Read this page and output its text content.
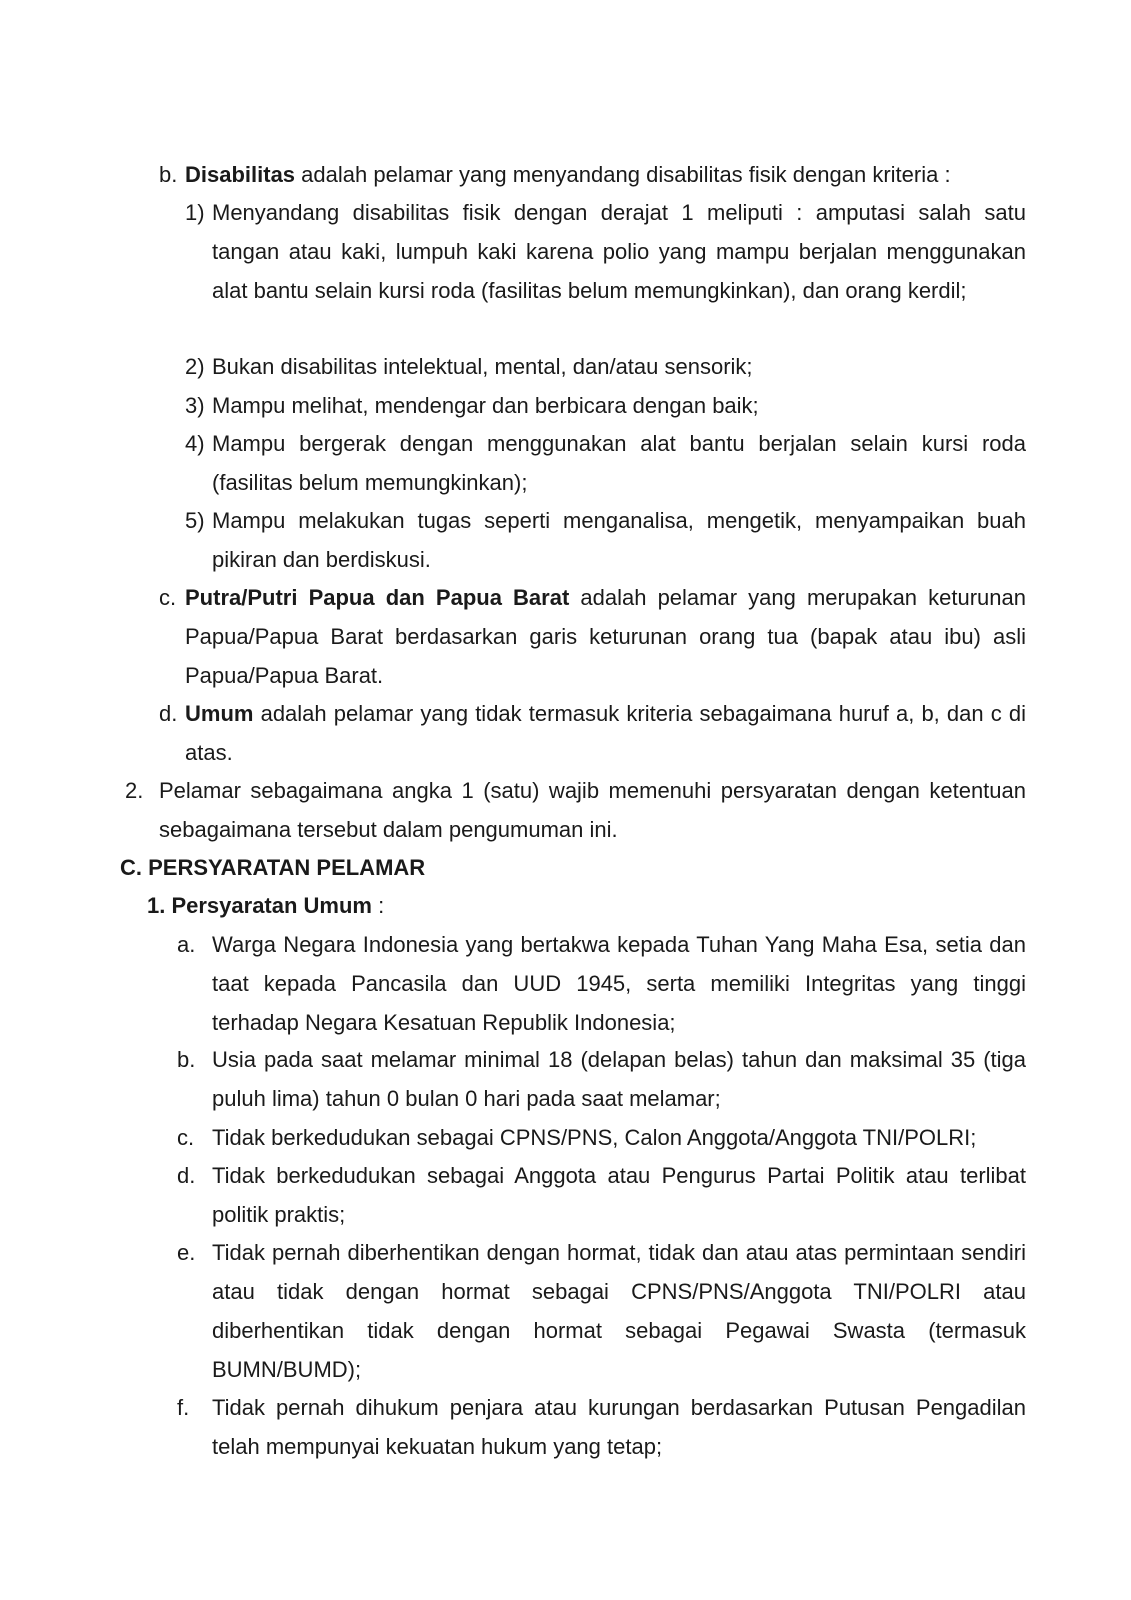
b. Disabilitas adalah pelamar yang menyandang disabilitas fisik dengan kriteria :
1) Menyandang disabilitas fisik dengan derajat 1 meliputi : amputasi salah satu tangan atau kaki, lumpuh kaki karena polio yang mampu berjalan menggunakan alat bantu selain kursi roda (fasilitas belum memungkinkan), dan orang kerdil;
2) Bukan disabilitas intelektual, mental, dan/atau sensorik;
3) Mampu melihat, mendengar dan berbicara dengan baik;
4) Mampu bergerak dengan menggunakan alat bantu berjalan selain kursi roda (fasilitas belum memungkinkan);
5) Mampu melakukan tugas seperti menganalisa, mengetik, menyampaikan buah pikiran dan berdiskusi.
c. Putra/Putri Papua dan Papua Barat adalah pelamar yang merupakan keturunan Papua/Papua Barat berdasarkan garis keturunan orang tua (bapak atau ibu) asli Papua/Papua Barat.
d. Umum adalah pelamar yang tidak termasuk kriteria sebagaimana huruf a, b, dan c di atas.
2. Pelamar sebagaimana angka 1 (satu) wajib memenuhi persyaratan dengan ketentuan sebagaimana tersebut dalam pengumuman ini.
C. PERSYARATAN PELAMAR
1. Persyaratan Umum :
a. Warga Negara Indonesia yang bertakwa kepada Tuhan Yang Maha Esa, setia dan taat kepada Pancasila dan UUD 1945, serta memiliki Integritas yang tinggi terhadap Negara Kesatuan Republik Indonesia;
b. Usia pada saat melamar minimal 18 (delapan belas) tahun dan maksimal 35 (tiga puluh lima) tahun 0 bulan 0 hari pada saat melamar;
c. Tidak berkedudukan sebagai CPNS/PNS, Calon Anggota/Anggota TNI/POLRI;
d. Tidak berkedudukan sebagai Anggota atau Pengurus Partai Politik atau terlibat politik praktis;
e. Tidak pernah diberhentikan dengan hormat, tidak dan atau atas permintaan sendiri atau tidak dengan hormat sebagai CPNS/PNS/Anggota TNI/POLRI atau diberhentikan tidak dengan hormat sebagai Pegawai Swasta (termasuk BUMN/BUMD);
f. Tidak pernah dihukum penjara atau kurungan berdasarkan Putusan Pengadilan telah mempunyai kekuatan hukum yang tetap;
